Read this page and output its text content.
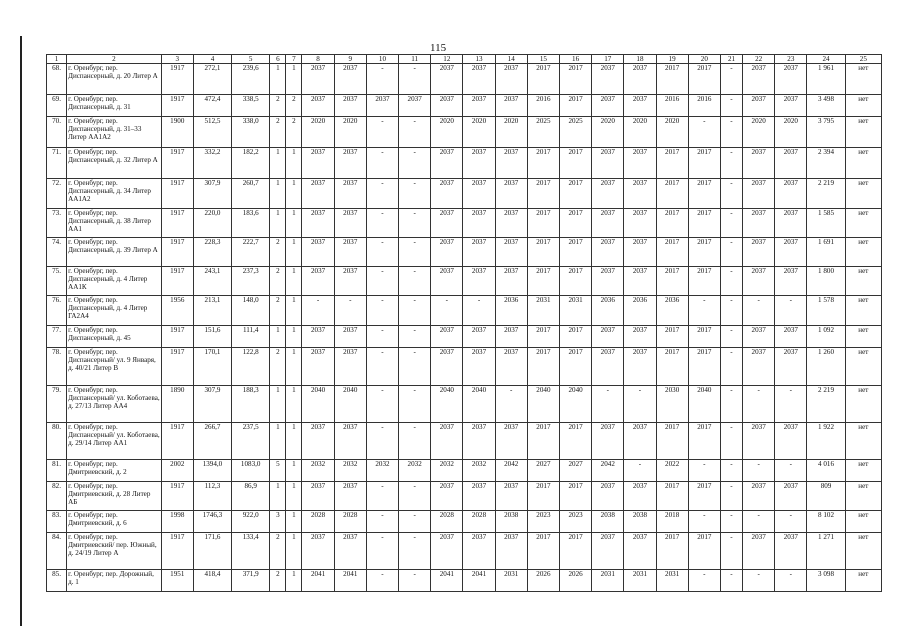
115
1	2	3	4	5	6	7	8	9	10	11	12	13	14	15	16	17	18	19	20	21	22	23	24	25
68.	г. Оренбург, пер. Диспансерный, д. 20 Литер А	1917	272,1	239,6	1	1	2037	2037	-	-	2037	2037	2037	2017	2017	2037	2037	2017	2017	-	2037	2037	1 961	нет
69.	г. Оренбург, пер. Диспансерный, д. 31	1917	472,4	338,5	2	2	2037	2037	2037	2037	2037	2037	2037	2016	2017	2037	2037	2016	2016	-	2037	2037	3 498	нет
70.	г. Оренбург, пер. Диспансерный, д. 31–33 Литер АА1А2	1900	512,5	338,0	2	2	2020	2020	-	-	2020	2020	2020	2025	2025	2020	2020	2020	-	-	2020	2020	3 795	нет
71.	г. Оренбург, пер. Диспансерный, д. 32 Литер А	1917	332,2	182,2	1	1	2037	2037	-	-	2037	2037	2037	2017	2017	2037	2037	2017	2017	-	2037	2037	2 394	нет
72.	г. Оренбург, пер. Диспансерный, д. 34 Литер АА1А2	1917	307,9	260,7	1	1	2037	2037	-	-	2037	2037	2037	2017	2017	2037	2037	2017	2017	-	2037	2037	2 219	нет
73.	г. Оренбург, пер. Диспансерный, д. 38 Литер АА1	1917	220,0	183,6	1	1	2037	2037	-	-	2037	2037	2037	2017	2017	2037	2037	2017	2017	-	2037	2037	1 585	нет
74.	г. Оренбург, пер. Диспансерный, д. 39 Литер А	1917	228,3	222,7	2	1	2037	2037	-	-	2037	2037	2037	2017	2017	2037	2037	2017	2017	-	2037	2037	1 691	нет
75.	г. Оренбург, пер. Диспансерный, д. 4 Литер АА1К	1917	243,1	237,3	2	1	2037	2037	-	-	2037	2037	2037	2017	2017	2037	2037	2017	2017	-	2037	2037	1 800	нет
76.	г. Оренбург, пер. Диспансерный, д. 4 Литер ГА2А4	1956	213,1	148,0	2	1	-	-	-	-	-	-	2036	2031	2031	2036	2036	2036	-	-	-	-	1 578	нет
77.	г. Оренбург, пер. Диспансерный, д. 45	1917	151,6	111,4	1	1	2037	2037	-	-	2037	2037	2037	2017	2017	2037	2037	2017	2017	-	2037	2037	1 092	нет
78.	г. Оренбург, пер. Диспансерный/ ул. 9 Января, д. 40/21 Литер В	1917	170,1	122,8	2	1	2037	2037	-	-	2037	2037	2037	2017	2017	2037	2037	2017	2017	-	2037	2037	1 260	нет
79.	г. Оренбург, пер. Диспансерный/ ул. Коботаева, д. 27/13 Литер АА4	1890	307,9	188,3	1	1	2040	2040	-	-	2040	2040	-	2040	2040	-	-	2030	2040	-	-	-	2 219	нет
80.	г. Оренбург, пер. Диспансерный/ ул. Коботаева, д. 29/14 Литер АА1	1917	266,7	237,5	1	1	2037	2037	-	-	2037	2037	2037	2017	2017	2037	2037	2017	2017	-	2037	2037	1 922	нет
81.	г. Оренбург, пер. Дмитриевский, д. 2	2002	1394,0	1083,0	5	1	2032	2032	2032	2032	2032	2032	2042	2027	2027	2042	-	2022	-	-	-	-	4 016	нет
82.	г. Оренбург, пер. Дмитриевский, д. 28 Литер АБ	1917	112,3	86,9	1	1	2037	2037	-	-	2037	2037	2037	2017	2017	2037	2037	2017	2017	-	2037	2037	809	нет
83.	г. Оренбург, пер. Дмитриевский, д. 6	1998	1746,3	922,0	3	1	2028	2028	-	-	2028	2028	2038	2023	2023	2038	2038	2018	-	-	-	-	8 102	нет
84.	г. Оренбург, пер. Дмитриевский/ пер. Южный, д. 24/19 Литер А	1917	171,6	133,4	2	1	2037	2037	-	-	2037	2037	2037	2017	2017	2037	2037	2017	2017	-	2037	2037	1 271	нет
85.	г. Оренбург, пер. Дорожный, д. 1	1951	418,4	371,9	2	1	2041	2041	-	-	2041	2041	2031	2026	2026	2031	2031	2031	-	-	-	-	3 098	нет
